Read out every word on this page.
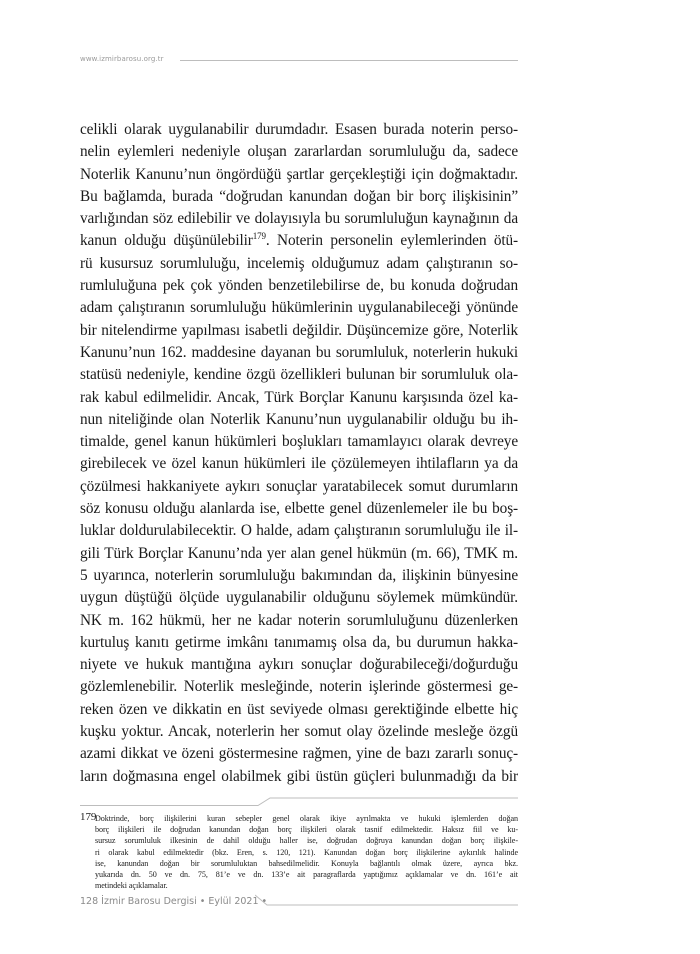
www.izmirbarosu.org.tr
celikli olarak uygulanabilir durumdadır. Esasen burada noterin perso-
nelin eylemleri nedeniyle oluşan zararlardan sorumluluğu da, sadece
Noterlik Kanunu’nun öngördüğü şartlar gerçekleştiği için doğmaktadır.
Bu bağlamda, burada “doğrudan kanundan doğan bir borç ilişkisinin”
varlığından söz edilebilir ve dolayısıyla bu sorumluluğun kaynağının da
kanun olduğu düşünülebilir$^{179}$. Noterin personelin eylemlerinden ötü-
rü kusursuz sorumluluğu, incelemiş olduğumuz adam çalıştıranın so-
rumluluğuna pek çok yönden benzetilebilirse de, bu konuda doğrudan
adam çalıştıranın sorumluluğu hükümlerinin uygulanabileceği yönünde
bir nitelendirme yapılması isabetli değildir. Düşüncemize göre, Noterlik
Kanunu’nun 162. maddesine dayanan bu sorumluluk, noterlerin hukuki
statüsü nedeniyle, kendine özgü özellikleri bulunan bir sorumluluk ola-
rak kabul edilmelidir. Ancak, Türk Borçlar Kanunu karşısında özel ka-
nun niteliğinde olan Noterlik Kanunu’nun uygulanabilir olduğu bu ih-
timalde, genel kanun hükümleri boşlukları tamamlayıcı olarak devreye
girebilecek ve özel kanun hükümleri ile çözülemeyen ihtilafların ya da
çözülmesi hakkaniyete aykırı sonuçlar yaratabilecek somut durumların
söz konusu olduğu alanlarda ise, elbette genel düzenlemeler ile bu boş-
luklar doldurulabilecektir. O halde, adam çalıştıranın sorumluluğu ile il-
gili Türk Borçlar Kanunu’nda yer alan genel hükmün (m. 66), TMK m.
5 uyarınca, noterlerin sorumluluğu bakımından da, ilişkinin bünyesine
uygun düştüğü ölçüde uygulanabilir olduğunu söylemek mümkündür.
NK m. 162 hükmü, her ne kadar noterin sorumluluğunu düzenlerken
kurtuluş kanıtı getirme imkânı tanımamış olsa da, bu durumun hakka-
niyete ve hukuk mantığına aykırı sonuçlar doğurabileceği/doğurduğu
gözlemlenebilir. Noterlik mesleğinde, noterin işlerinde göstermesi ge-
reken özen ve dikkatin en üst seviyede olması gerektiğinde elbette hiç
kuşku yoktur. Ancak, noterlerin her somut olay özelinde mesleğe özgü
azami dikkat ve özeni göstermesine rağmen, yine de bazı zararlı sonuç-
ların doğmasına engel olabilmek gibi üstün güçleri bulunmadığı da bir
179
Doktrinde, borç ilişkilerini kuran sebepler genel olarak ikiye ayrılmakta ve hukuki işlemlerden doğan
borç ilişkileri ile doğrudan kanundan doğan borç ilişkileri olarak tasnif edilmektedir. Haksız fiil ve ku-
sursuz sorumluluk ilkesinin de dahil olduğu haller ise, doğrudan doğruya kanundan doğan borç ilişkile-
ri olarak kabul edilmektedir (bkz. Eren, s. 120, 121). Kanundan doğan borç ilişkilerine aykırılık halinde
ise, kanundan doğan bir sorumluluktan bahsedilmelidir. Konuyla bağlantılı olmak üzere, ayrıca bkz.
yukarıda dn. 50 ve dn. 75, 81’e ve dn. 133’e ait paragraflarda yaptığımız açıklamalar ve dn. 161’e ait
metindeki açıklamalar.
128 İzmir Barosu Dergisi • Eylül 2021 •
